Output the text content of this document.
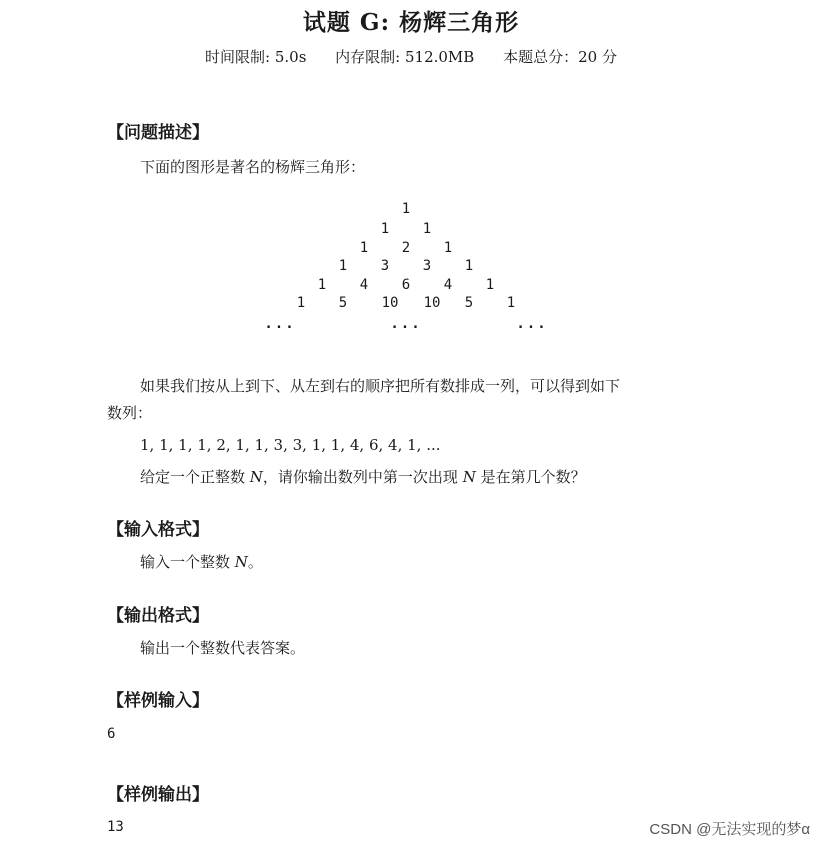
试题 G: 杨辉三角形
时间限制: 5.0s 内存限制: 512.0MB 本题总分：20 分
【问题描述】
下面的图形是著名的杨辉三角形：
1
1 1
1 2 1
1 3 3 1
1 4 6 4 1
1 5 10 10 5 1
...	...	...
如果我们按从上到下、从左到右的顺序把所有数排成一列，可以得到如下
数列：
1, 1, 1, 1, 2, 1, 1, 3, 3, 1, 1, 4, 6, 4, 1, ...
给定一个正整数 N，请你输出数列中第一次出现 N 是在第几个数？
【输入格式】
输入一个整数 N。
【输出格式】
输出一个整数代表答案。
【样例输入】
6
【样例输出】
13	CSDN @无法实现的梦α
